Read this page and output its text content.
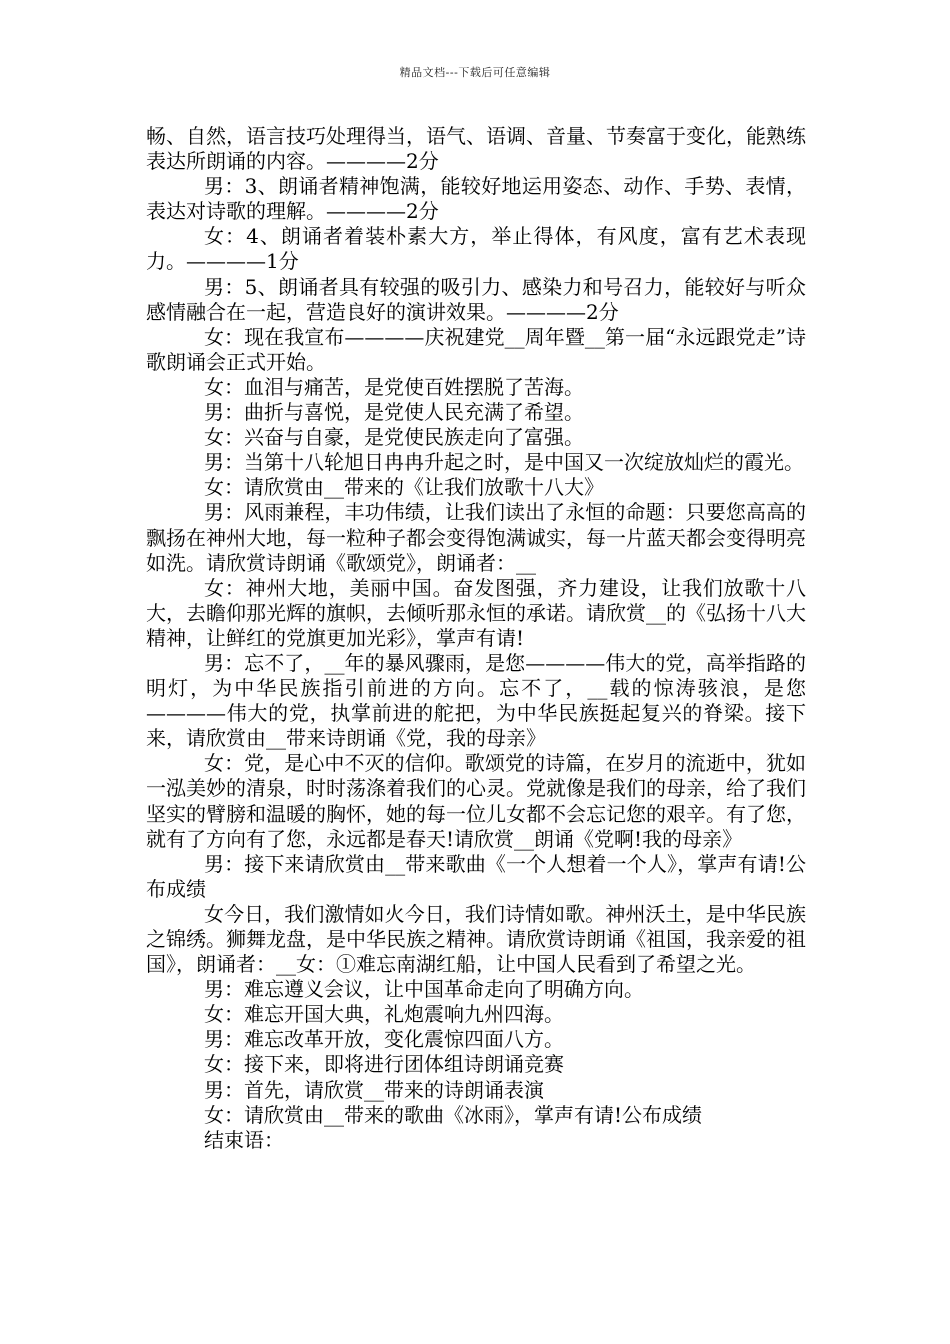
精品文档---下载后可任意编辑

畅、自然，语言技巧处理得当，语气、语调、音量、节奏富于变化，能熟练表达所朗诵的内容。————2分

男：3、朗诵者精神饱满，能较好地运用姿态、动作、手势、表情，表达对诗歌的理解。————2分

女：4、朗诵者着装朴素大方，举止得体，有风度，富有艺术表现力。————1分

男：5、朗诵者具有较强的吸引力、感染力和号召力，能较好与听众感情融合在一起，营造良好的演讲效果。————2分

女：现在我宣布————庆祝建党__周年暨__第一届“永远跟党走”诗歌朗诵会正式开始。

女：血泪与痛苦，是党使百姓摆脱了苦海。

男：曲折与喜悦，是党使人民充满了希望。

女：兴奋与自豪，是党使民族走向了富强。

男：当第十八轮旭日冉冉升起之时，是中国又一次绽放灿烂的霞光。

女：请欣赏由__带来的《让我们放歌十八大》

男：风雨兼程，丰功伟绩，让我们读出了永恒的命题：只要您高高的飘扬在神州大地，每一粒种子都会变得饱满诚实，每一片蓝天都会变得明亮如洗。请欣赏诗朗诵《歌颂党》，朗诵者：__

女：神州大地，美丽中国。奋发图强，齐力建设，让我们放歌十八大，去瞻仰那光辉的旗帜，去倾听那永恒的承诺。请欣赏__的《弘扬十八大精神，让鲜红的党旗更加光彩》，掌声有请!

男：忘不了，__年的暴风骤雨，是您————伟大的党，高举指路的明灯，为中华民族指引前进的方向。忘不了，__载的惊涛骇浪，是您————伟大的党，执掌前进的舵把，为中华民族挺起复兴的脊梁。接下来，请欣赏由__带来诗朗诵《党，我的母亲》

女：党，是心中不灭的信仰。歌颂党的诗篇，在岁月的流逝中，犹如一泓美妙的清泉，时时荡涤着我们的心灵。党就像是我们的母亲，给了我们坚实的臂膀和温暖的胸怀，她的每一位儿女都不会忘记您的艰辛。有了您，就有了方向有了您，永远都是春天!请欣赏__朗诵《党啊!我的母亲》

男：接下来请欣赏由__带来歌曲《一个人想着一个人》，掌声有请!公布成绩

女今日，我们激情如火今日，我们诗情如歌。神州沃土，是中华民族之锦绣。狮舞龙盘，是中华民族之精神。请欣赏诗朗诵《祖国，我亲爱的祖国》，朗诵者：__女：①难忘南湖红船，让中国人民看到了希望之光。

男：难忘遵义会议，让中国革命走向了明确方向。

女：难忘开国大典，礼炮震响九州四海。

男：难忘改革开放，变化震惊四面八方。

女：接下来，即将进行团体组诗朗诵竞赛

男：首先，请欣赏__带来的诗朗诵表演

女：请欣赏由__带来的歌曲《冰雨》，掌声有请!公布成绩

结束语：
